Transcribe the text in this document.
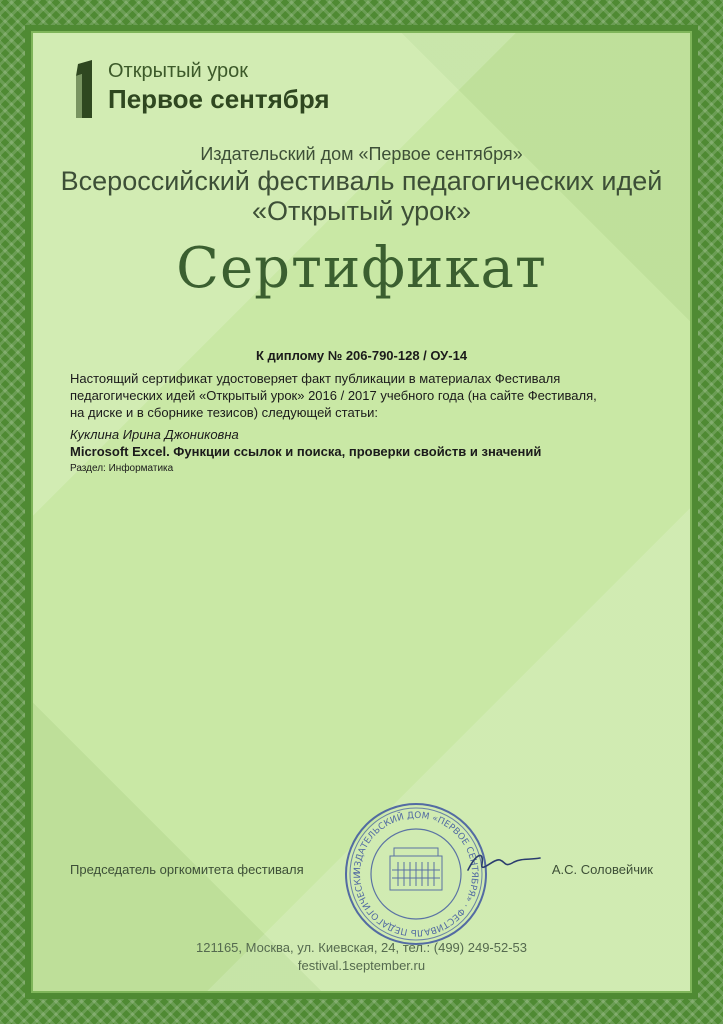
Открытый урок
Первое сентября
Издательский дом «Первое сентября»
Всероссийский фестиваль педагогических идей
«Открытый урок»
Сертификат
К диплому № 206-790-128 / ОУ-14
Настоящий сертификат удостоверяет факт публикации в материалах Фестиваля педагогических идей «Открытый урок» 2016 / 2017 учебного года (на сайте Фестиваля, на диске и в сборнике тезисов) следующей статьи:
Куклина Ирина Джониковна
Microsoft Excel. Функции ссылок и поиска, проверки свойств и значений
Раздел: Информатика
Председатель оргкомитета фестиваля	А.С. Соловейчик
ИЗДАТЕЛЬСКИЙ ДОМ «ПЕРВОЕ СЕНТЯБРЯ» · ФЕСТИВАЛЬ ПЕДАГОГИЧЕСКИ
121165, Москва, ул. Киевская, 24, тел.: (499) 249-52-53
festival.1september.ru
